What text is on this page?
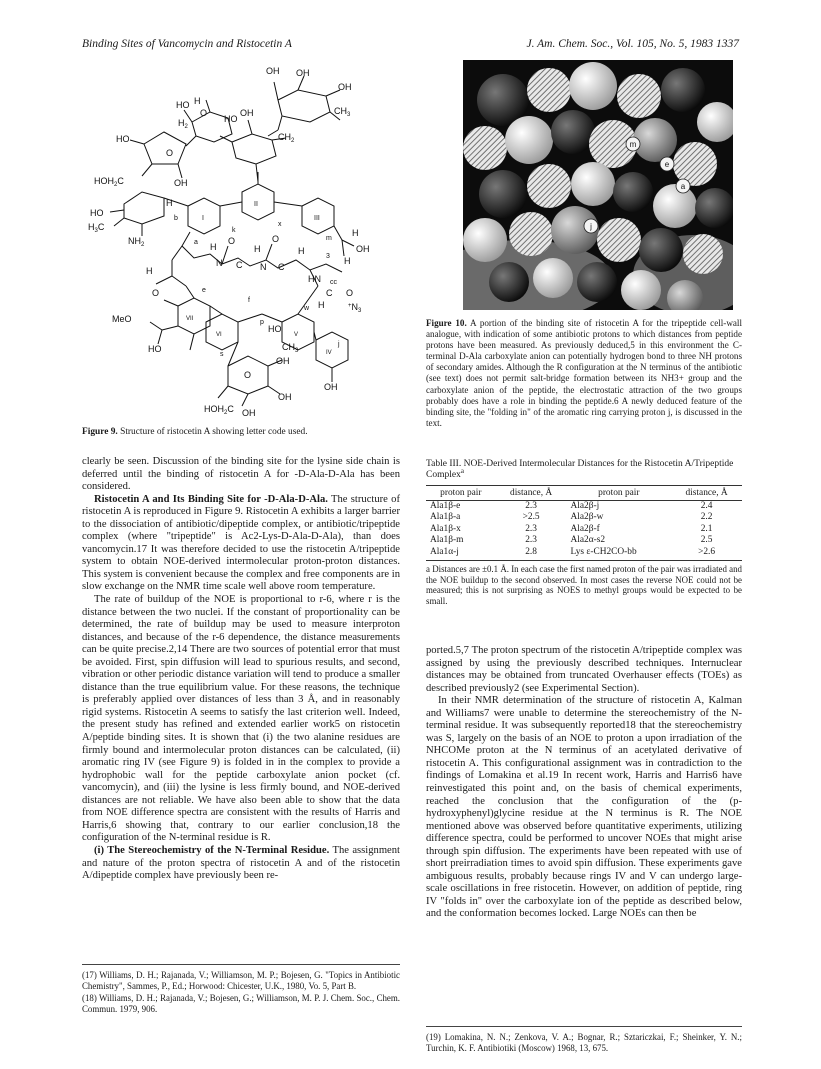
Binding Sites of Vancomycin and Ristocetin A	J. Am. Chem. Soc., Vol. 105, No. 5, 1983 1337
OH OH
OH
$CH_3$
HO H
O
HO
$H_2$
$CH_2$
OH
HO
O
$HOH_2C$	OH
HO
$H_3C$
$NH_2$
H	II
III
I
H
OH
H
N
H
N
H
C
O
H
C
O
HN
C O
$^+N_3$
H
MeO	VII
VI	V
IV
HO
O
OH
$CH_3$
HO
OH
OH
$HOH_2C$ OH
O
H
b
a
k
x
m
cc
j
e
f
p
w
s
3
Figure 9. Structure of ristocetin A showing letter code used.
m
e
a
j
Figure 10. A portion of the binding site of ristocetin A for the tripeptide cell-wall analogue, with indication of some antibiotic protons to which distances from peptide protons have been measured. As previously deduced,5 in this environment the C-terminal D-Ala carboxylate anion can potentially hydrogen bond to three NH protons of secondary amides. Although the R configuration at the N terminus of the antibiotic (see text) does not permit salt-bridge formation between its NH3+ group and the carboxylate anion of the peptide, the electrostatic attraction of the two groups probably does have a role in binding the peptide.6 A newly deduced feature of the binding site, the "folding in" of the aromatic ring carrying proton j, is discussed in the text.
Table III. NOE-Derived Intermolecular Distances for the Ristocetin A/Tripeptide Complex$^a$
proton pair	distance, Å	proton pair	distance, Å
Ala1β-e	2.3	Ala2β-j	2.4
Ala1β-a	>2.5	Ala2β-w	2.2
Ala1β-x	2.3	Ala2β-f	2.1
Ala1β-m	2.3	Ala2α-s2	2.5
Ala1α-j	2.8	Lys ε-CH2CO-bb	>2.6
a Distances are ±0.1 Å. In each case the first named proton of the pair was irradiated and the NOE buildup to the second observed. In most cases the reverse NOE could not be measured; this is not surprising as NOES to methyl groups would be expected to be small.

clearly be seen. Discussion of the binding site for the lysine side chain is deferred until the binding of ristocetin A for -D-Ala-D-Ala has been considered.

Ristocetin A and Its Binding Site for -D-Ala-D-Ala. The structure of ristocetin A is reproduced in Figure 9. Ristocetin A exhibits a larger barrier to the dissociation of antibiotic/dipeptide complex, or antibiotic/tripeptide complex (where "tripeptide" is Ac2-Lys-D-Ala-D-Ala), than does vancomycin.17 It was therefore decided to use the ristocetin A/tripeptide system to obtain NOE-derived intermolecular proton-proton distances. This system is convenient because the complex and free components are in slow exchange on the NMR time scale well above room temperature.

The rate of buildup of the NOE is proportional to r-6, where r is the distance between the two nuclei. If the constant of proportionality can be determined, the rate of buildup may be used to measure interproton distances, and because of the r-6 dependence, the distance measurements can be quite precise.2,14 There are two sources of potential error that must be avoided. First, spin diffusion will lead to spurious results, and second, vibration or other periodic distance variation will tend to produce a smaller distance than the true equilibrium value. For these reasons, the technique is preferably applied over distances of less than 3 Å, and in reasonably rigid systems. Ristocetin A seems to satisfy the last criterion well. Indeed, the present study has refined and extended earlier work5 on ristocetin A/peptide binding sites. It is shown that (i) the two alanine residues are firmly bound and intermolecular proton distances can be calculated, (ii) aromatic ring IV (see Figure 9) is folded in in the complex to provide a hydrophobic wall for the peptide carboxylate anion pocket (cf. vancomycin), and (iii) the lysine is less firmly bound, and NOE-derived distances are not reliable. We have also been able to show that the data from NOE difference spectra are consistent with the results of Harris and Harris,6 showing that, contrary to our earlier conclusion,18 the configuration of the N-terminal residue is R.

(i) The Stereochemistry of the N-Terminal Residue. The assignment and nature of the proton spectra of ristocetin A and of the ristocetin A/dipeptide complex have previously been re-

ported.5,7 The proton spectrum of the ristocetin A/tripeptide complex was assigned by using the previously described techniques. Internuclear distances may be obtained from truncated Overhauser effects (TOEs) as described previously2 (see Experimental Section).

In their NMR determination of the structure of ristocetin A, Kalman and Williams7 were unable to determine the stereochemistry of the N-terminal residue. It was subsequently reported18 that the stereochemistry was S, largely on the basis of an NOE to proton a upon irradiation of the NHCOMe proton at the N terminus of an acetylated derivative of ristocetin A. This configurational assignment was in contradiction to the findings of Lomakina et al.19 In recent work, Harris and Harris6 have reinvestigated this point and, on the basis of chemical experiments, reached the conclusion that the configuration of the (p-hydroxyphenyl)glycine residue at the N terminus is R. The NOE mentioned above was observed before quantitative experiments, utilizing difference spectra, could be performed to uncover NOEs that might arise through spin diffusion. The experiments have been repeated with use of short preirradiation times to avoid spin diffusion. These experiments gave ambiguous results, probably because rings IV and V can undergo large-scale oscillations in free ristocetin. However, on addition of peptide, ring IV "folds in" over the carboxylate ion of the peptide as described below, and the conformation becomes locked. Large NOEs can then be

(17) Williams, D. H.; Rajanada, V.; Williamson, M. P.; Bojesen, G. "Topics in Antibiotic Chemistry", Sammes, P., Ed.; Horwood: Chicester, U.K., 1980, Vo. 5, Part B.

(18) Williams, D. H.; Rajanada, V.; Bojesen, G.; Williamson, M. P. J. Chem. Soc., Chem. Commun. 1979, 906.

(19) Lomakina, N. N.; Zenkova, V. A.; Bognar, R.; Sztariczkai, F.; Sheinker, Y. N.; Turchin, K. F. Antibiotiki (Moscow) 1968, 13, 675.
